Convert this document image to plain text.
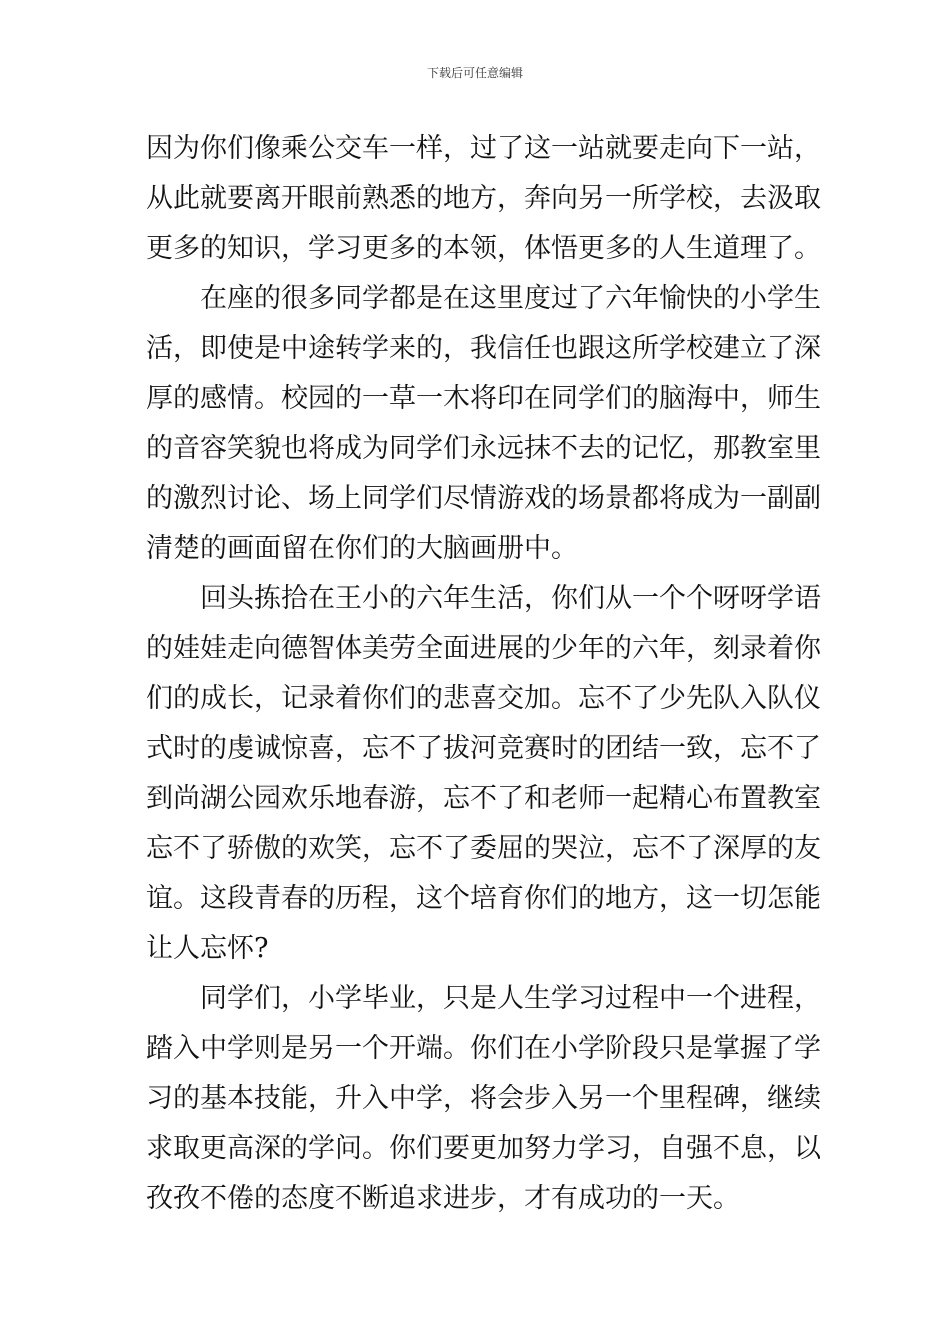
下载后可任意编辑
因为你们像乘公交车一样，过了这一站就要走向下一站，
从此就要离开眼前熟悉的地方，奔向另一所学校，去汲取
更多的知识，学习更多的本领，体悟更多的人生道理了。
在座的很多同学都是在这里度过了六年愉快的小学生
活，即使是中途转学来的，我信任也跟这所学校建立了深
厚的感情。校园的一草一木将印在同学们的脑海中，师生
的音容笑貌也将成为同学们永远抹不去的记忆，那教室里
的激烈讨论、场上同学们尽情游戏的场景都将成为一副副
清楚的画面留在你们的大脑画册中。
回头拣拾在王小的六年生活，你们从一个个呀呀学语
的娃娃走向德智体美劳全面进展的少年的六年，刻录着你
们的成长，记录着你们的悲喜交加。忘不了少先队入队仪
式时的虔诚惊喜，忘不了拔河竞赛时的团结一致，忘不了
到尚湖公园欢乐地春游，忘不了和老师一起精心布置教室
忘不了骄傲的欢笑，忘不了委屈的哭泣，忘不了深厚的友
谊。这段青春的历程，这个培育你们的地方，这一切怎能
让人忘怀?
同学们，小学毕业，只是人生学习过程中一个进程，
踏入中学则是另一个开端。你们在小学阶段只是掌握了学
习的基本技能，升入中学，将会步入另一个里程碑，继续
求取更高深的学问。你们要更加努力学习，自强不息，以
孜孜不倦的态度不断追求进步，才有成功的一天。
